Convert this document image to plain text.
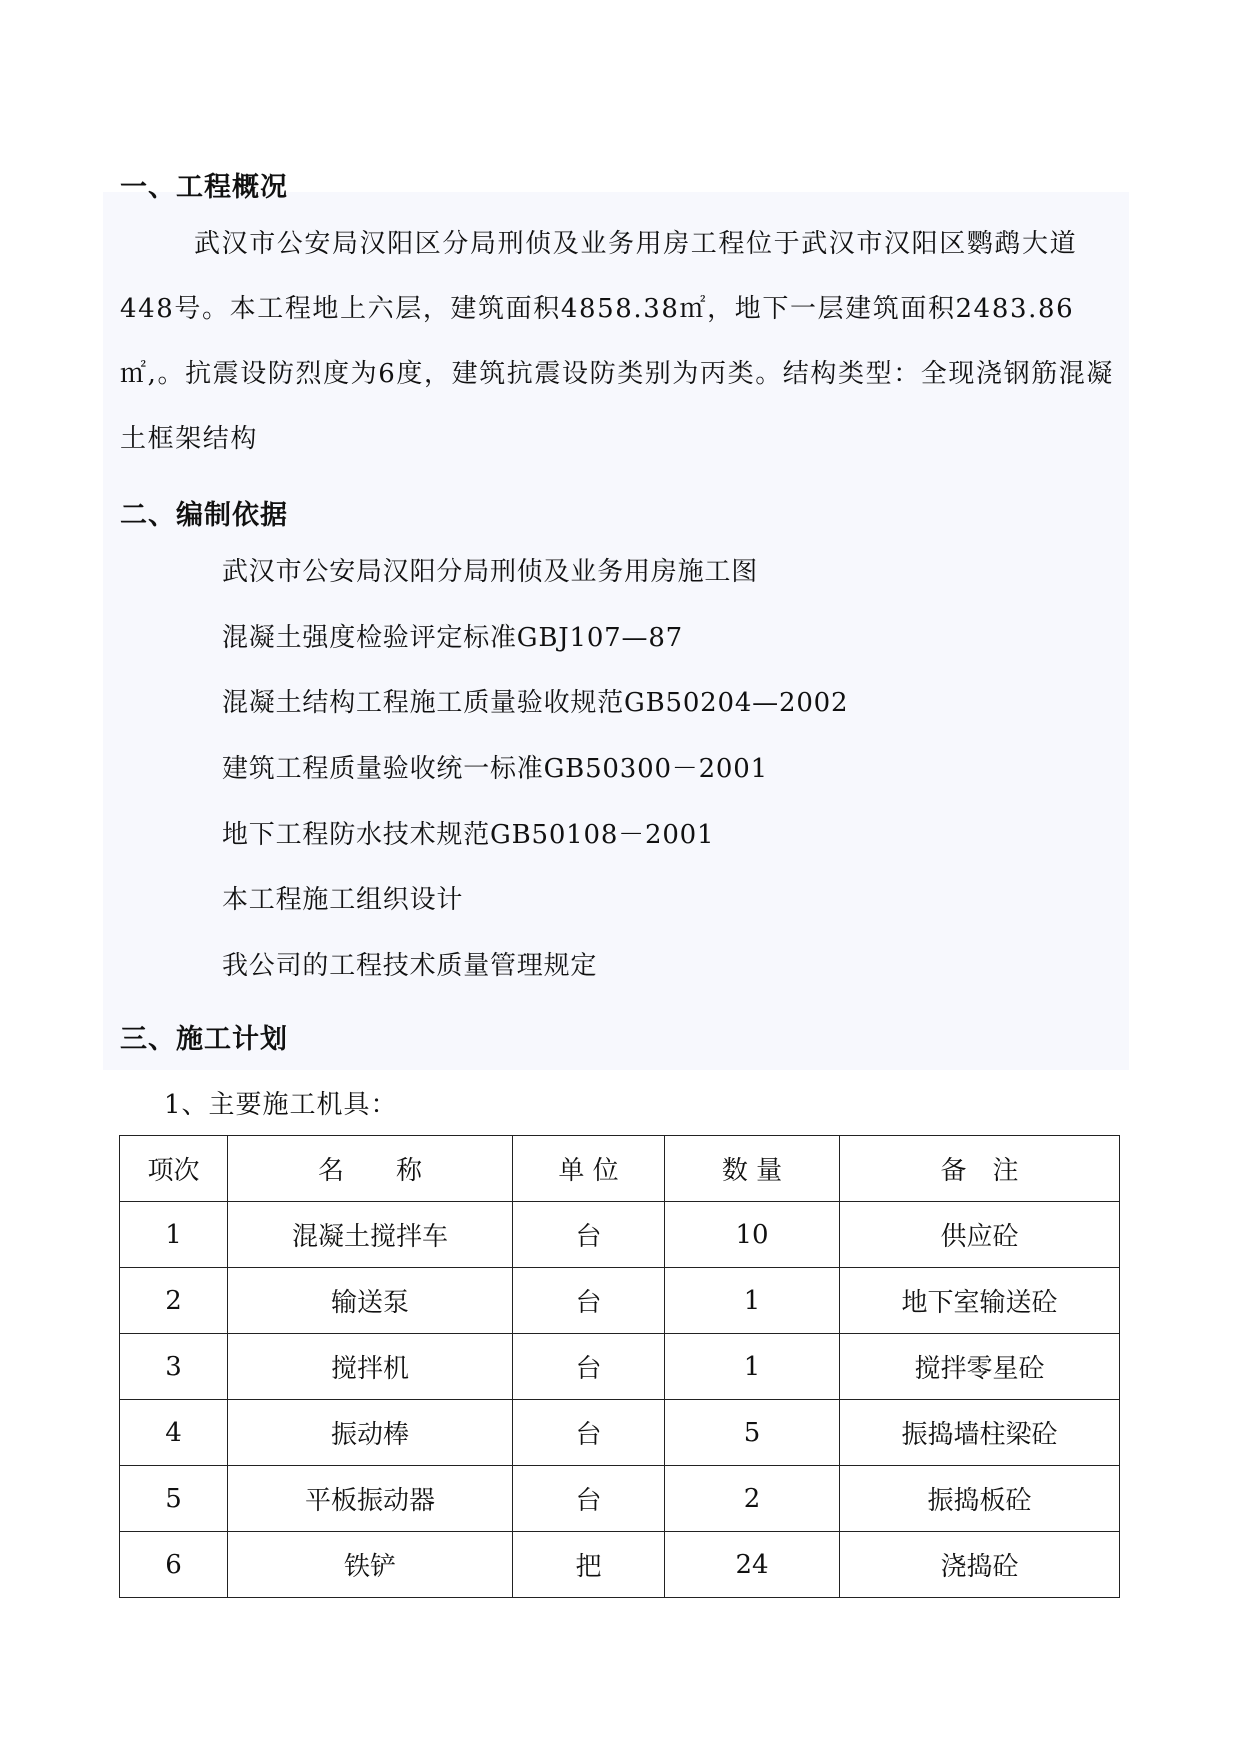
一、工程概况

武汉市公安局汉阳区分局刑侦及业务用房工程位于武汉市汉阳区鹦鹉大道448号。本工程地上六层，建筑面积4858.38㎡，地下一层建筑面积2483.86㎡,。抗震设防烈度为6度，建筑抗震设防类别为丙类。结构类型：全现浇钢筋混凝土框架结构

二、编制依据
武汉市公安局汉阳分局刑侦及业务用房施工图
混凝土强度检验评定标准GBJ107—87
混凝土结构工程施工质量验收规范GB50204—2002
建筑工程质量验收统一标准GB50300－2001
地下工程防水技术规范GB50108－2001
本工程施工组织设计
我公司的工程技术质量管理规定
三、施工计划

1、主要施工机具：

项次	名　　称	单 位	数 量	备　注
1	混凝土搅拌车	台	10	供应砼
2	输送泵	台	1	地下室输送砼
3	搅拌机	台	1	搅拌零星砼
4	振动棒	台	5	振捣墙柱梁砼
5	平板振动器	台	2	振捣板砼
6	铁铲	把	24	浇捣砼
